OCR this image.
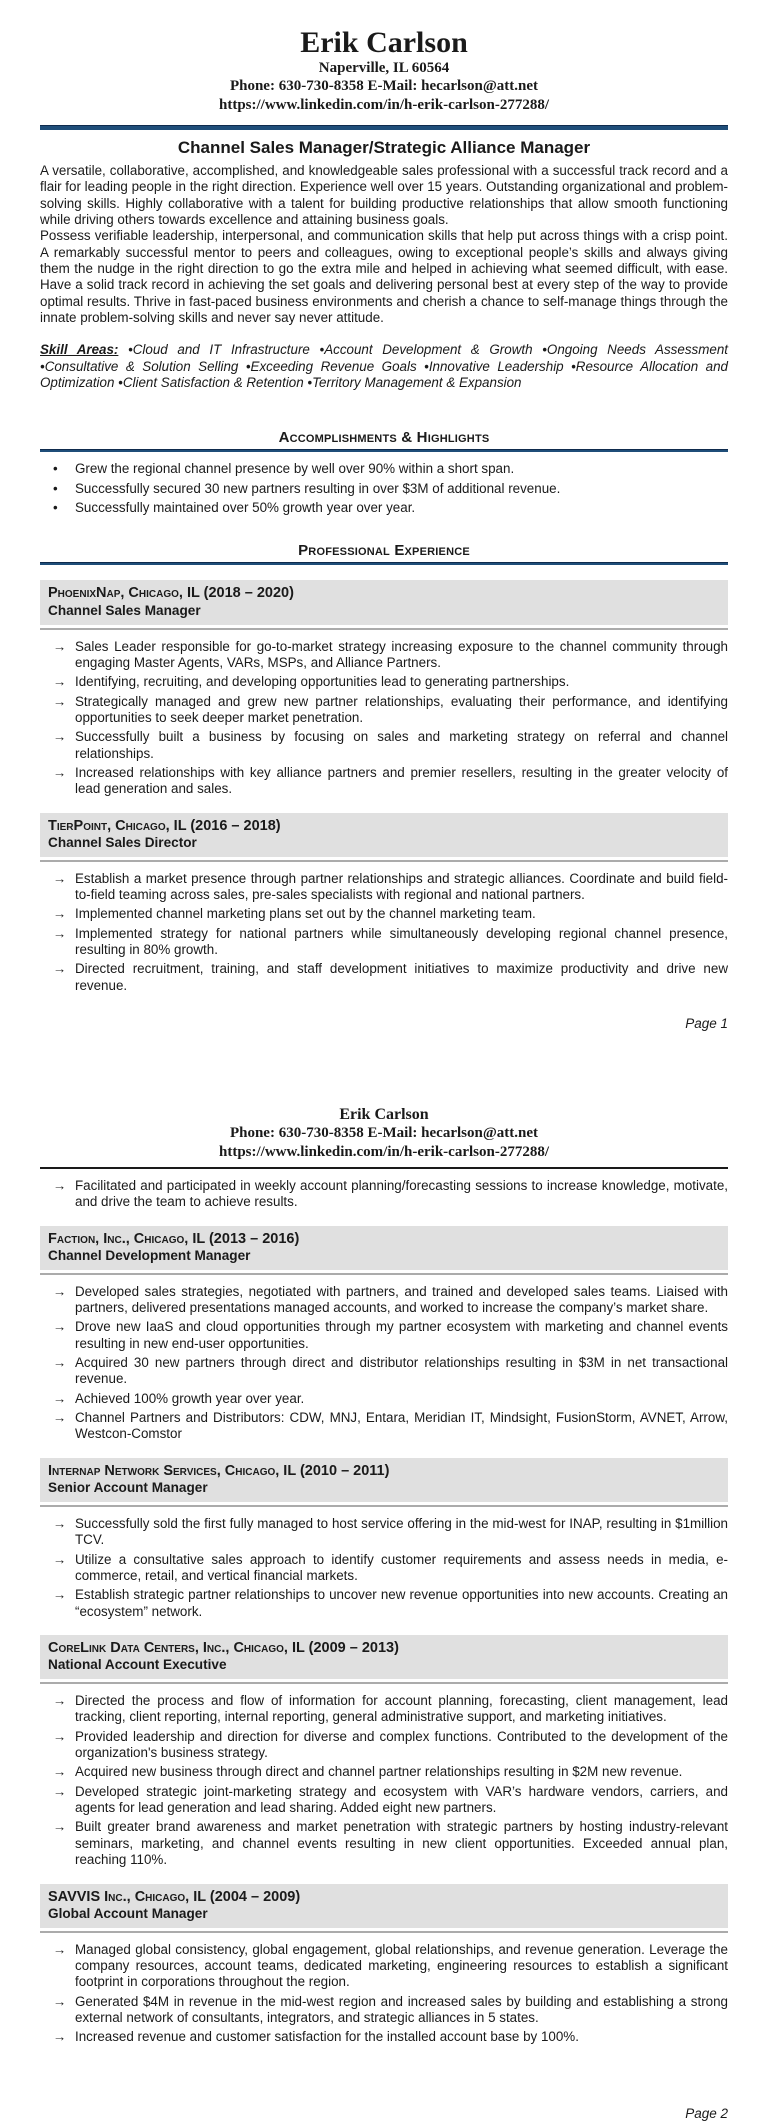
Erik Carlson
Naperville, IL 60564
Phone: 630-730-8358 E-Mail: hecarlson@att.net
https://www.linkedin.com/in/h-erik-carlson-277288/
Channel Sales Manager/Strategic Alliance Manager

A versatile, collaborative, accomplished, and knowledgeable sales professional with a successful track record and a flair for leading people in the right direction. Experience well over 15 years. Outstanding organizational and problem-solving skills. Highly collaborative with a talent for building productive relationships that allow smooth functioning while driving others towards excellence and attaining business goals.

Possess verifiable leadership, interpersonal, and communication skills that help put across things with a crisp point. A remarkably successful mentor to peers and colleagues, owing to exceptional people’s skills and always giving them the nudge in the right direction to go the extra mile and helped in achieving what seemed difficult, with ease. Have a solid track record in achieving the set goals and delivering personal best at every step of the way to provide optimal results. Thrive in fast-paced business environments and cherish a chance to self-manage things through the innate problem-solving skills and never say never attitude.

Skill Areas: •Cloud and IT Infrastructure •Account Development & Growth •Ongoing Needs Assessment •Consultative & Solution Selling •Exceeding Revenue Goals •Innovative Leadership •Resource Allocation and Optimization •Client Satisfaction & Retention •Territory Management & Expansion

Accomplishments & Highlights
•	Grew the regional channel presence by well over 90% within a short span.
•	Successfully secured 30 new partners resulting in over $3M of additional revenue.
•	Successfully maintained over 50% growth year over year.
Professional Experience
PhoenixNap, Chicago, IL (2018 – 2020)
Channel Sales Manager
→ Sales Leader responsible for go-to-market strategy increasing exposure to the channel community through engaging Master Agents, VARs, MSPs, and Alliance Partners.
→ Identifying, recruiting, and developing opportunities lead to generating partnerships.
→ Strategically managed and grew new partner relationships, evaluating their performance, and identifying opportunities to seek deeper market penetration.
→ Successfully built a business by focusing on sales and marketing strategy on referral and channel relationships.
→ Increased relationships with key alliance partners and premier resellers, resulting in the greater velocity of lead generation and sales.
TierPoint, Chicago, IL (2016 – 2018)
Channel Sales Director
→ Establish a market presence through partner relationships and strategic alliances. Coordinate and build field-to-field teaming across sales, pre-sales specialists with regional and national partners.
→ Implemented channel marketing plans set out by the channel marketing team.
→ Implemented strategy for national partners while simultaneously developing regional channel presence, resulting in 80% growth.
→ Directed recruitment, training, and staff development initiatives to maximize productivity and drive new revenue.
Page 1
Erik Carlson
Phone: 630-730-8358 E-Mail: hecarlson@att.net
https://www.linkedin.com/in/h-erik-carlson-277288/
→ Facilitated and participated in weekly account planning/forecasting sessions to increase knowledge, motivate, and drive the team to achieve results.
Faction, Inc., Chicago, IL (2013 – 2016)
Channel Development Manager
→ Developed sales strategies, negotiated with partners, and trained and developed sales teams. Liaised with partners, delivered presentations managed accounts, and worked to increase the company’s market share.
→ Drove new IaaS and cloud opportunities through my partner ecosystem with marketing and channel events resulting in new end-user opportunities.
→ Acquired 30 new partners through direct and distributor relationships resulting in $3M in net transactional revenue.
→ Achieved 100% growth year over year.
→ Channel Partners and Distributors: CDW, MNJ, Entara, Meridian IT, Mindsight, FusionStorm, AVNET, Arrow, Westcon-Comstor
Internap Network Services, Chicago, IL (2010 – 2011)
Senior Account Manager
→ Successfully sold the first fully managed to host service offering in the mid-west for INAP, resulting in $1million TCV.
→ Utilize a consultative sales approach to identify customer requirements and assess needs in media, e-commerce, retail, and vertical financial markets.
→ Establish strategic partner relationships to uncover new revenue opportunities into new accounts. Creating an “ecosystem” network.
CoreLink Data Centers, Inc., Chicago, IL (2009 – 2013)
National Account Executive
→ Directed the process and flow of information for account planning, forecasting, client management, lead tracking, client reporting, internal reporting, general administrative support, and marketing initiatives.
→ Provided leadership and direction for diverse and complex functions. Contributed to the development of the organization's business strategy.
→ Acquired new business through direct and channel partner relationships resulting in $2M new revenue.
→ Developed strategic joint-marketing strategy and ecosystem with VAR’s hardware vendors, carriers, and agents for lead generation and lead sharing. Added eight new partners.
→ Built greater brand awareness and market penetration with strategic partners by hosting industry-relevant seminars, marketing, and channel events resulting in new client opportunities. Exceeded annual plan, reaching 110%.
SAVVIS Inc., Chicago, IL (2004 – 2009)
Global Account Manager
→ Managed global consistency, global engagement, global relationships, and revenue generation. Leverage the company resources, account teams, dedicated marketing, engineering resources to establish a significant footprint in corporations throughout the region.
→ Generated $4M in revenue in the mid-west region and increased sales by building and establishing a strong external network of consultants, integrators, and strategic alliances in 5 states.
→ Increased revenue and customer satisfaction for the installed account base by 100%.
Page 2
